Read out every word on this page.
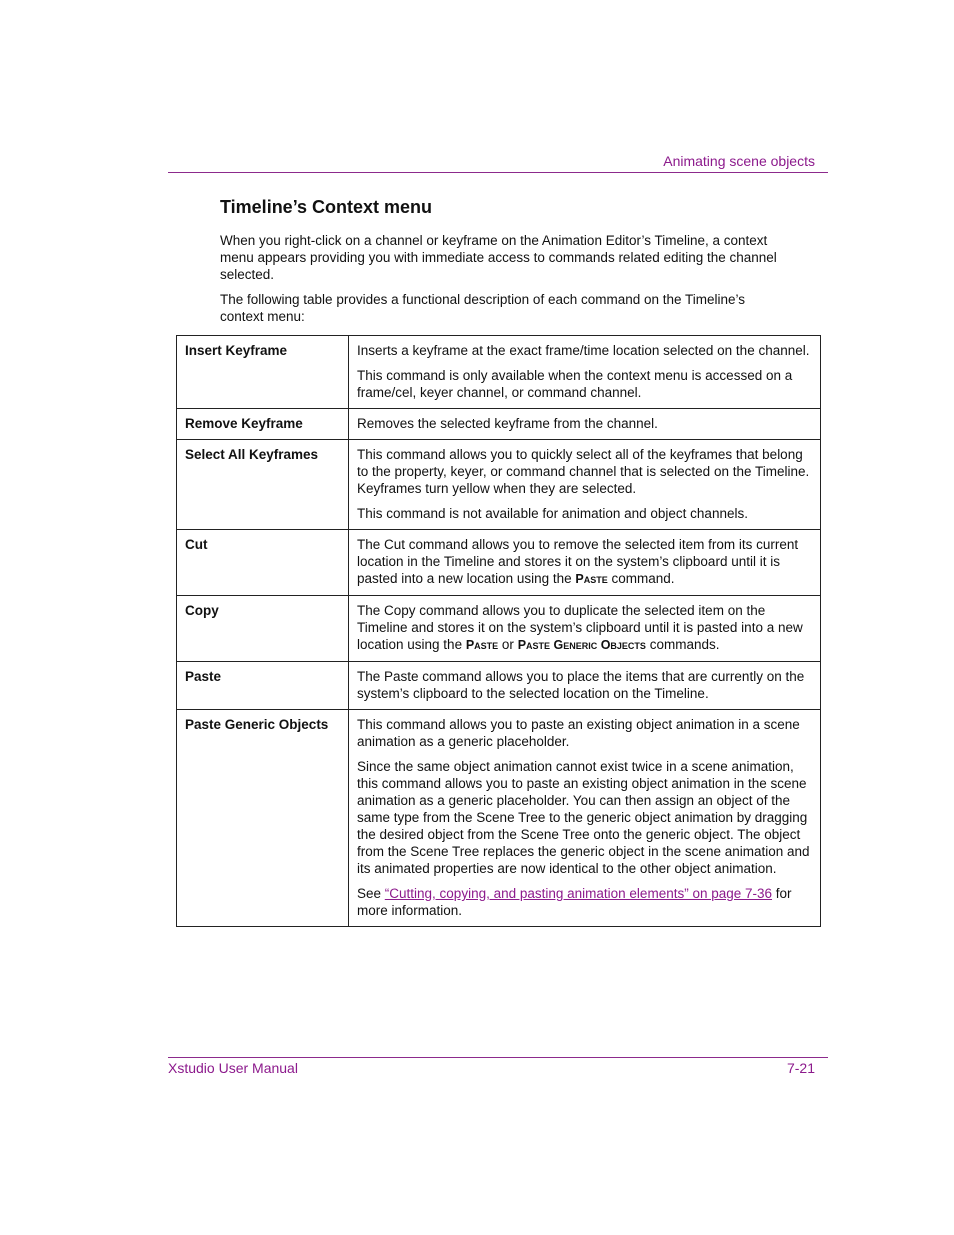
Animating scene objects
Timeline’s Context menu

When you right-click on a channel or keyframe on the Animation Editor’s Timeline, a context menu appears providing you with immediate access to commands related editing the channel selected.

The following table provides a functional description of each command on the Timeline’s context menu:

Insert Keyframe	Inserts a keyframe at the exact frame/time location selected on the channel.

This command is only available when the context menu is accessed on a frame/cel, keyer channel, or command channel.

Remove Keyframe	Removes the selected keyframe from the channel.

Select All Keyframes	This command allows you to quickly select all of the keyframes that belong to the property, keyer, or command channel that is selected on the Timeline. Keyframes turn yellow when they are selected.

This command is not available for animation and object channels.

Cut	The Cut command allows you to remove the selected item from its current location in the Timeline and stores it on the system’s clipboard until it is pasted into a new location using the Paste command.

Copy	The Copy command allows you to duplicate the selected item on the Timeline and stores it on the system’s clipboard until it is pasted into a new location using the Paste or Paste Generic Objects commands.

Paste	The Paste command allows you to place the items that are currently on the system’s clipboard to the selected location on the Timeline.

Paste Generic Objects	This command allows you to paste an existing object animation in a scene animation as a generic placeholder.

Since the same object animation cannot exist twice in a scene animation, this command allows you to paste an existing object animation in the scene animation as a generic placeholder. You can then assign an object of the same type from the Scene Tree to the generic object animation by dragging the desired object from the Scene Tree onto the generic object. The object from the Scene Tree replaces the generic object in the scene animation and its animated properties are now identical to the other object animation.

See “Cutting, copying, and pasting animation elements” on page 7-36 for more information.

Xstudio User Manual	7-21
